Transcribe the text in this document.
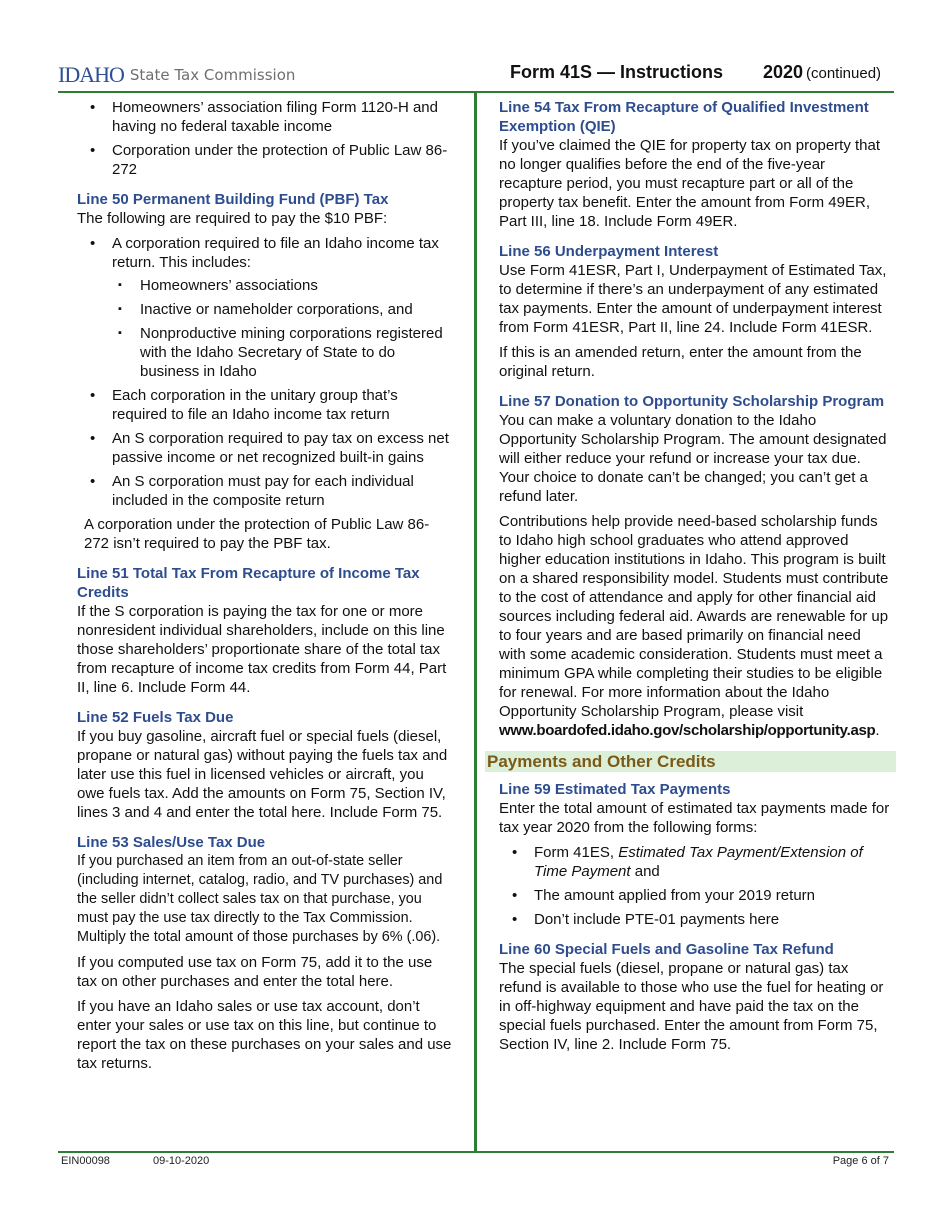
IDAHO State Tax Commission	Form 41S — Instructions 2020 (continued)
• Homeowners’ association filing Form 1120-H and having no federal taxable income
• Corporation under the protection of Public Law 86-272
Line 50 Permanent Building Fund (PBF) Tax

The following are required to pay the $10 PBF:

• A corporation required to file an Idaho income tax return. This includes:
▪ Homeowners’ associations
▪ Inactive or nameholder corporations, and
▪ Nonproductive mining corporations registered with the Idaho Secretary of State to do business in Idaho
• Each corporation in the unitary group that’s required to file an Idaho income tax return
• An S corporation required to pay tax on excess net passive income or net recognized built-in gains
• An S corporation must pay for each individual included in the composite return

A corporation under the protection of Public Law 86-272 isn’t required to pay the PBF tax.

Line 51 Total Tax From Recapture of Income Tax Credits

If the S corporation is paying the tax for one or more nonresident individual shareholders, include on this line those shareholders’ proportionate share of the total tax from recapture of income tax credits from Form 44, Part II, line 6. Include Form 44.

Line 52 Fuels Tax Due

If you buy gasoline, aircraft fuel or special fuels (diesel, propane or natural gas) without paying the fuels tax and later use this fuel in licensed vehicles or aircraft, you owe fuels tax. Add the amounts on Form 75, Section IV, lines 3 and 4 and enter the total here. Include Form 75.

Line 53 Sales/Use Tax Due

If you purchased an item from an out-of-state seller (including internet, catalog, radio, and TV purchases) and the seller didn’t collect sales tax on that purchase, you must pay the use tax directly to the Tax Commission. Multiply the total amount of those purchases by 6% (.06).

If you computed use tax on Form 75, add it to the use tax on other purchases and enter the total here.

If you have an Idaho sales or use tax account, don’t enter your sales or use tax on this line, but continue to report the tax on these purchases on your sales and use tax returns.

Line 54 Tax From Recapture of Qualified Investment Exemption (QIE)

If you’ve claimed the QIE for property tax on property that no longer qualifies before the end of the five-year recapture period, you must recapture part or all of the property tax benefit. Enter the amount from Form 49ER, Part III, line 18. Include Form 49ER.

Line 56 Underpayment Interest

Use Form 41ESR, Part I, Underpayment of Estimated Tax, to determine if there’s an underpayment of any estimated tax payments. Enter the amount of underpayment interest from Form 41ESR, Part II, line 24. Include Form 41ESR.

If this is an amended return, enter the amount from the original return.

Line 57 Donation to Opportunity Scholarship Program

You can make a voluntary donation to the Idaho Opportunity Scholarship Program. The amount designated will either reduce your refund or increase your tax due. Your choice to donate can’t be changed; you can’t get a refund later.

Contributions help provide need-based scholarship funds to Idaho high school graduates who attend approved higher education institutions in Idaho. This program is built on a shared responsibility model. Students must contribute to the cost of attendance and apply for other financial aid sources including federal aid. Awards are renewable for up to four years and are based primarily on financial need with some academic consideration. Students must meet a minimum GPA while completing their studies to be eligible for renewal. For more information about the Idaho Opportunity Scholarship Program, please visit www.boardofed.idaho.gov/scholarship/opportunity.asp.

Payments and Other Credits
Line 59 Estimated Tax Payments

Enter the total amount of estimated tax payments made for tax year 2020 from the following forms:

• Form 41ES, Estimated Tax Payment/Extension of Time Payment and
• The amount applied from your 2019 return
• Don’t include PTE-01 payments here
Line 60 Special Fuels and Gasoline Tax Refund

The special fuels (diesel, propane or natural gas) tax refund is available to those who use the fuel for heating or in off-highway equipment and have paid the tax on the special fuels purchased. Enter the amount from Form 75, Section IV, line 2. Include Form 75.

EIN00098	09-10-2020	Page 6 of 7
